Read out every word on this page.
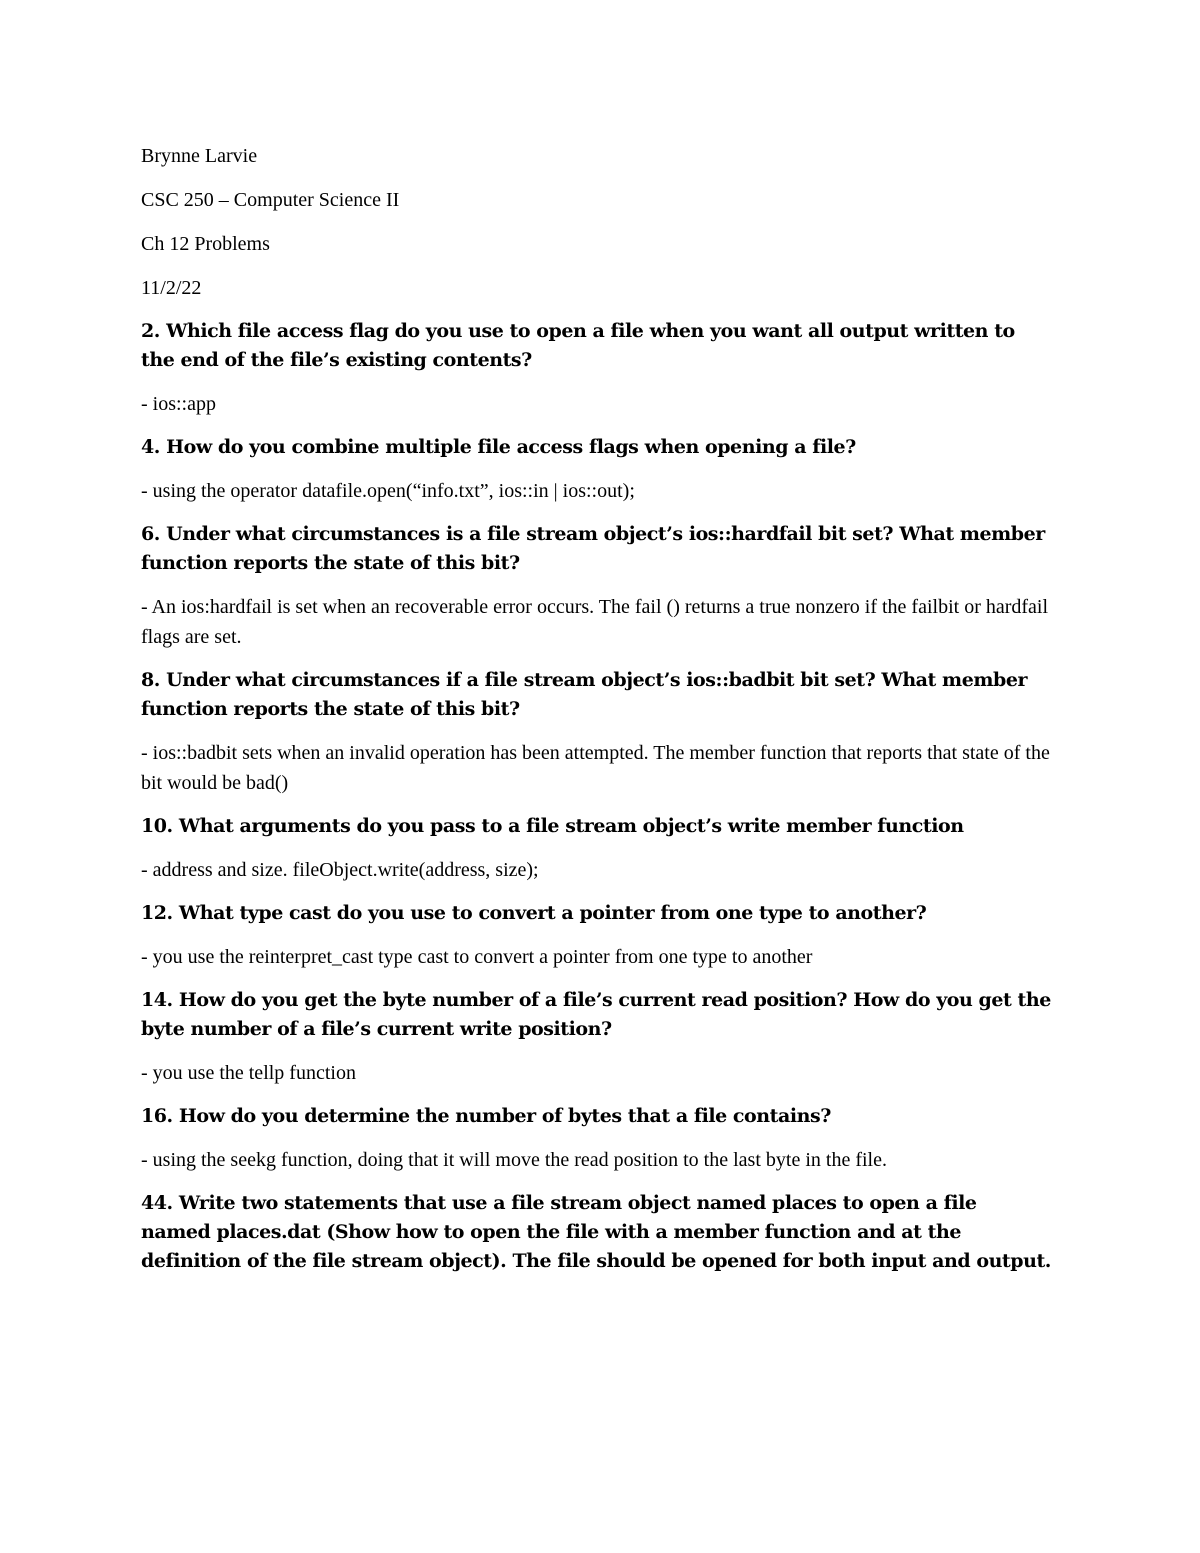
Brynne Larvie
CSC 250 – Computer Science II
Ch 12 Problems
11/2/22

2. Which file access flag do you use to open a file when you want all output written to the end of the file’s existing contents?

- ios::app

4. How do you combine multiple file access flags when opening a file?

- using the operator datafile.open(“info.txt”, ios::in | ios::out);

6. Under what circumstances is a file stream object’s ios::hardfail bit set? What member function reports the state of this bit?

- An ios:hardfail is set when an recoverable error occurs. The fail () returns a true nonzero if the failbit or hardfail flags are set.

8. Under what circumstances if a file stream object’s ios::badbit bit set? What member function reports the state of this bit?

- ios::badbit sets when an invalid operation has been attempted. The member function that reports that state of the bit would be bad()

10. What arguments do you pass to a file stream object’s write member function

- address and size. fileObject.write(address, size);

12. What type cast do you use to convert a pointer from one type to another?

- you use the reinterpret_cast type cast to convert a pointer from one type to another

14. How do you get the byte number of a file’s current read position? How do you get the byte number of a file’s current write position?

- you use the tellp function

16. How do you determine the number of bytes that a file contains?

- using the seekg function, doing that it will move the read position to the last byte in the file.

44. Write two statements that use a file stream object named places to open a file named places.dat (Show how to open the file with a member function and at the definition of the file stream object). The file should be opened for both input and output.
